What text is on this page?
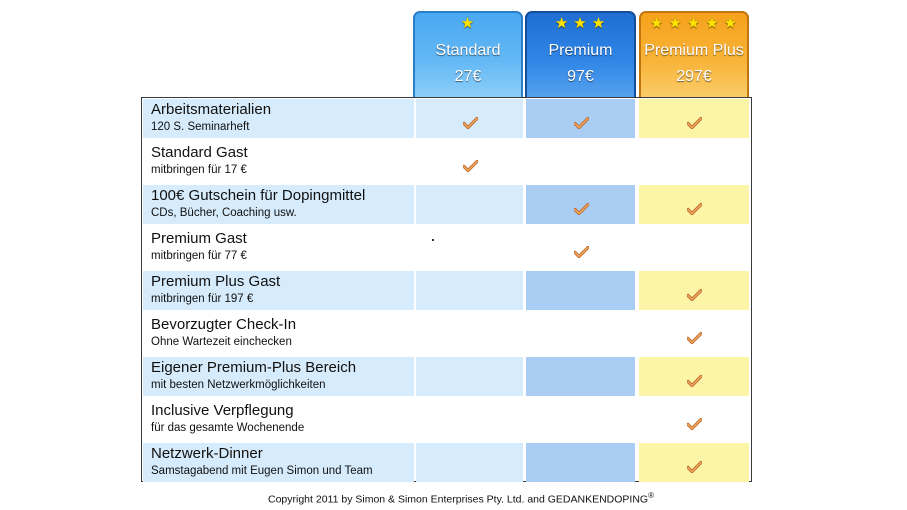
★
Standard
27€
★★★
Premium
97€
★★★★★
Premium Plus
297€
Arbeitsmaterialien
120 S. Seminarheft
Standard Gast
mitbringen für 17 €
100€ Gutschein für Dopingmittel
CDs, Bücher, Coaching usw.
Premium Gast
mitbringen für 77 €
Premium Plus Gast
mitbringen für 197 €
Bevorzugter Check-In
Ohne Wartezeit einchecken
Eigener Premium-Plus Bereich
mit besten Netzwerkmöglichkeiten
Inclusive Verpflegung
für das gesamte Wochenende
Netzwerk-Dinner
Samstagabend mit Eugen Simon und Team
Copyright 2011 by Simon & Simon Enterprises Pty. Ltd. and GEDANKENDOPING®
